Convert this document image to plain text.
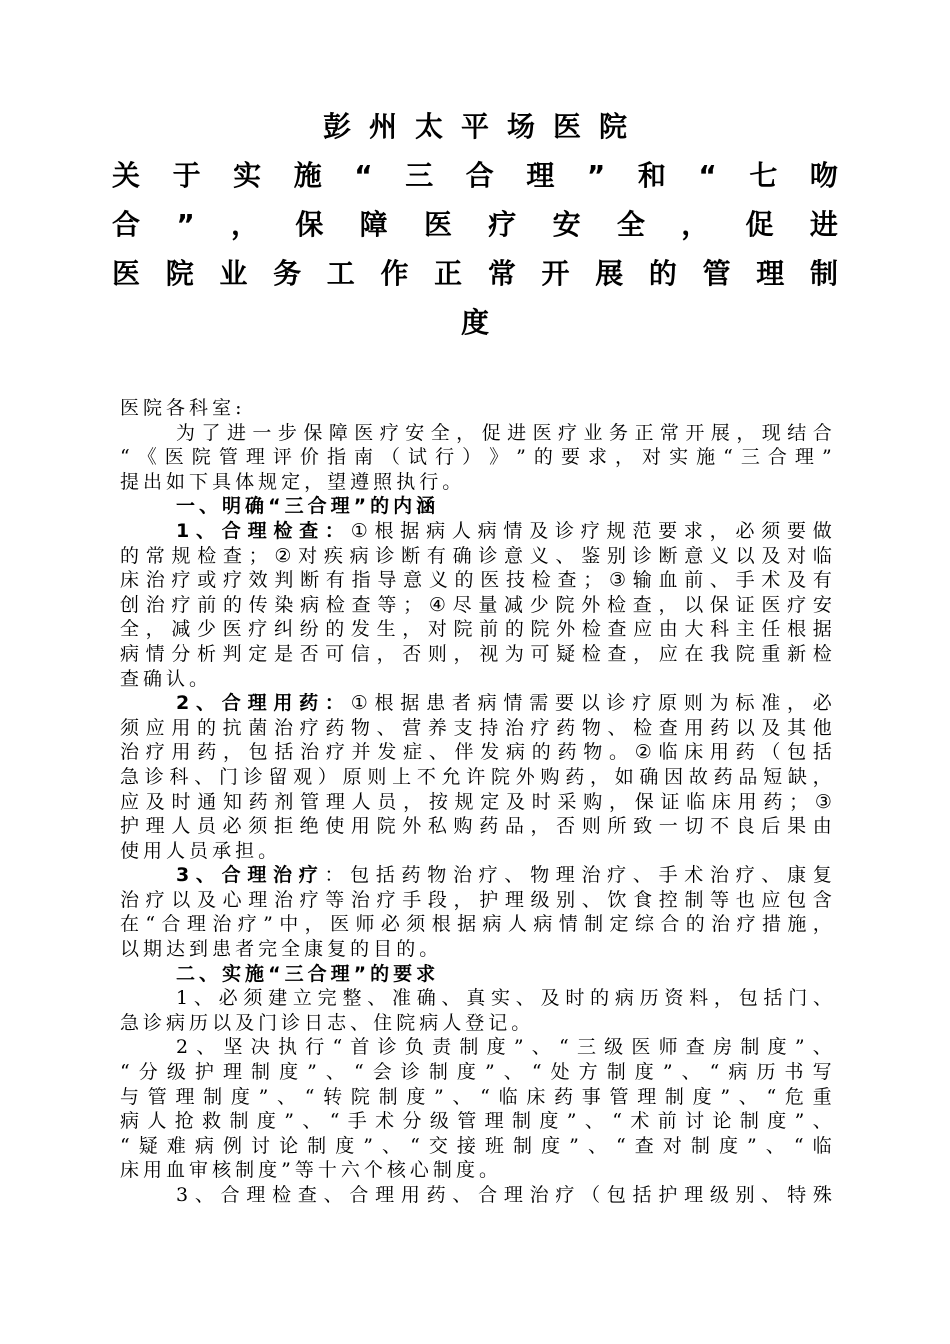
彭 州 太 平 场 医 院
关 于 实 施 “ 三 合 理 ” 和 “ 七 吻
合 ” ， 保 障 医 疗 安 全 ， 促 进
医 院 业 务 工 作 正 常 开 展 的 管 理 制
度
医 院 各 科 室 :
为 了 进 一 步 保 障 医 疗 安 全 ， 促 进 医 疗 业 务 正 常 开 展 ， 现 结 合
“ 《 医 院 管 理 评 价 指 南 （ 试 行 ） 》 ” 的 要 求 ， 对 实 施 “ 三 合 理 ”
提 出 如 下 具 体 规 定 ， 望 遵 照 执 行 。
一 、 明 确 “ 三 合 理 ” 的 内 涵
1 、 合 理 检 查 ： ① 根 据 病 人 病 情 及 诊 疗 规 范 要 求 ， 必 须 要 做
的 常 规 检 查 ； ② 对 疾 病 诊 断 有 确 诊 意 义 、 鉴 别 诊 断 意 义 以 及 对 临
床 治 疗 或 疗 效 判 断 有 指 导 意 义 的 医 技 检 查 ； ③ 输 血 前 、 手 术 及 有
创 治 疗 前 的 传 染 病 检 查 等 ； ④ 尽 量 减 少 院 外 检 查 ， 以 保 证 医 疗 安
全 ， 减 少 医 疗 纠 纷 的 发 生 ， 对 院 前 的 院 外 检 查 应 由 大 科 主 任 根 据
病 情 分 析 判 定 是 否 可 信 ， 否 则 ， 视 为 可 疑 检 查 ， 应 在 我 院 重 新 检
查 确 认 。
2 、 合 理 用 药 ： ① 根 据 患 者 病 情 需 要 以 诊 疗 原 则 为 标 准 ， 必
须 应 用 的 抗 菌 治 疗 药 物 、 营 养 支 持 治 疗 药 物 、 检 查 用 药 以 及 其 他
治 疗 用 药 ， 包 括 治 疗 并 发 症 、 伴 发 病 的 药 物 。 ② 临 床 用 药 （ 包 括
急 诊 科 、 门 诊 留 观 ） 原 则 上 不 允 许 院 外 购 药 ， 如 确 因 故 药 品 短 缺 ，
应 及 时 通 知 药 剂 管 理 人 员 ， 按 规 定 及 时 采 购 ， 保 证 临 床 用 药 ； ③
护 理 人 员 必 须 拒 绝 使 用 院 外 私 购 药 品 ， 否 则 所 致 一 切 不 良 后 果 由
使 用 人 员 承 担 。
3 、 合 理 治 疗 ： 包 括 药 物 治 疗 、 物 理 治 疗 、 手 术 治 疗 、 康 复
治 疗 以 及 心 理 治 疗 等 治 疗 手 段 ， 护 理 级 别 、 饮 食 控 制 等 也 应 包 含
在 “ 合 理 治 疗 ” 中 ， 医 师 必 须 根 据 病 人 病 情 制 定 综 合 的 治 疗 措 施 ，
以 期 达 到 患 者 完 全 康 复 的 目 的 。
二 、 实 施 “ 三 合 理 ” 的 要 求
1 、 必 须 建 立 完 整 、 准 确 、 真 实 、 及 时 的 病 历 资 料 ， 包 括 门 、
急 诊 病 历 以 及 门 诊 日 志 、 住 院 病 人 登 记 。
2 、 坚 决 执 行 “ 首 诊 负 责 制 度 ” 、 “ 三 级 医 师 查 房 制 度 ” 、
“ 分 级 护 理 制 度 ” 、 “ 会 诊 制 度 ” 、 “ 处 方 制 度 ” 、 “ 病 历 书 写
与 管 理 制 度 ” 、 “ 转 院 制 度 ” 、 “ 临 床 药 事 管 理 制 度 ” 、 “ 危 重
病 人 抢 救 制 度 ” 、 “ 手 术 分 级 管 理 制 度 ” 、 “ 术 前 讨 论 制 度 ” 、
“ 疑 难 病 例 讨 论 制 度 ” 、 “ 交 接 班 制 度 ” 、 “ 查 对 制 度 ” 、 “ 临
床 用 血 审 核 制 度 ” 等 十 六 个 核 心 制 度 。
3 、 合 理 检 查 、 合 理 用 药 、 合 理 治 疗 （ 包 括 护 理 级 别 、 特 殊
